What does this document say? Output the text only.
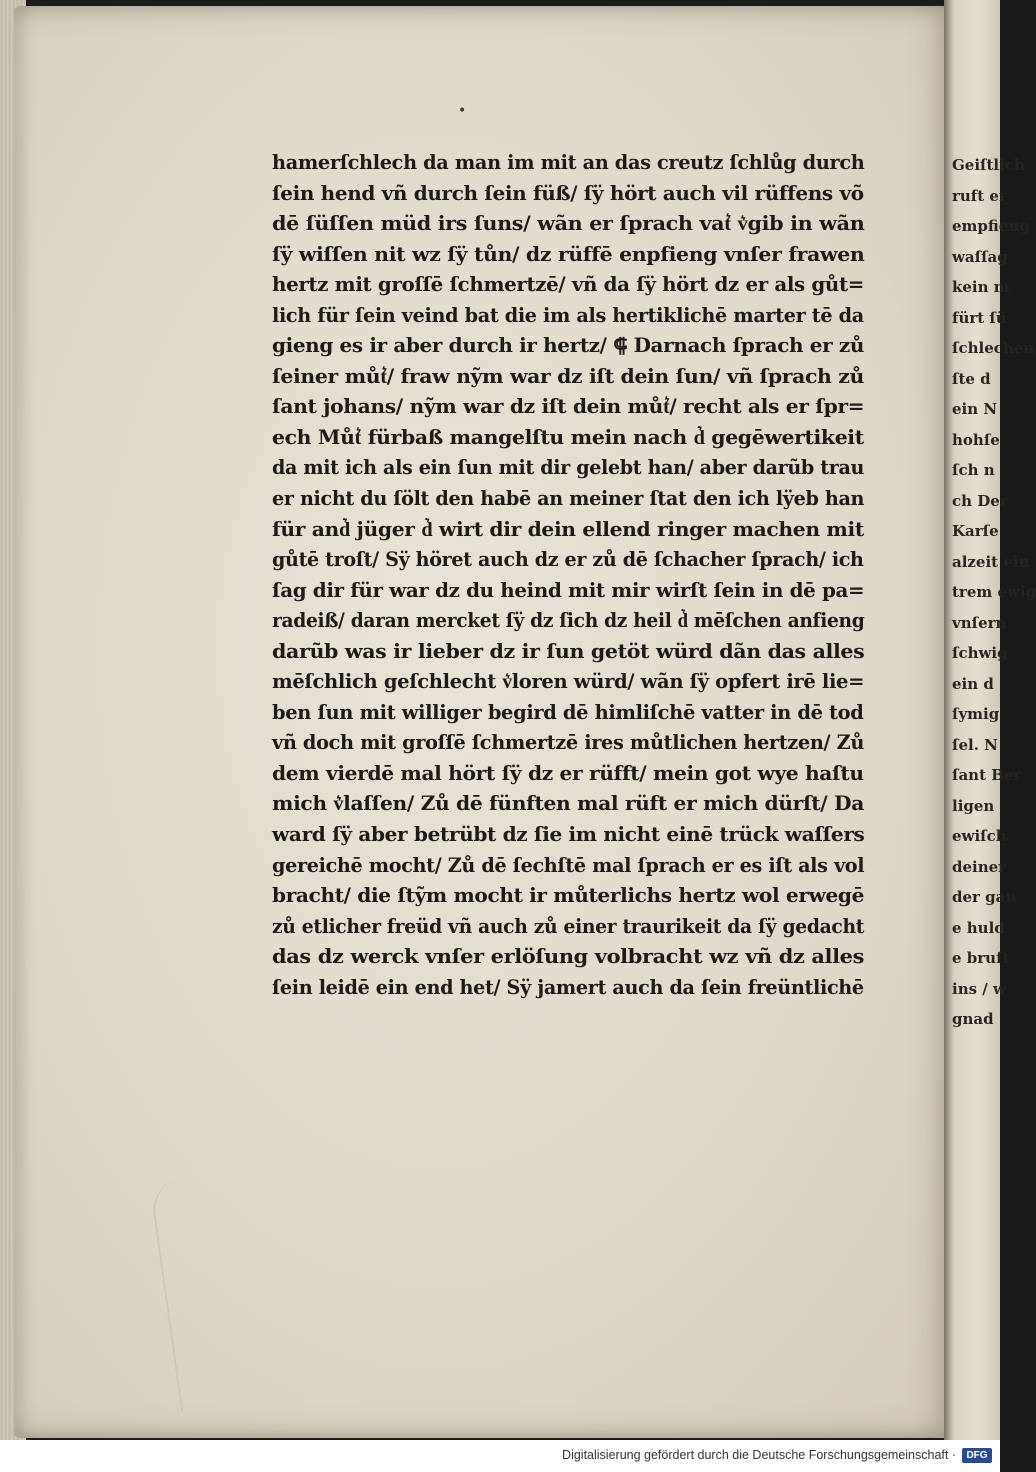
•
hamerſchlech da man im mit an das creutz ſchlůg durch
ſein hend vñ durch ſein füß/ ſÿ hört auch vil rüffens võ
dē ſüſſen müd irs ſuns/ wãn er ſprach vat͛ v͛gib in wãn
ſÿ wiſſen nit wz ſÿ tůn/ dz rüffē enpfieng vnſer frawen
hertz mit groſſē ſchmertzē/ vñ da ſÿ hört dz er als gůt=
lich für ſein veind bat die im als hertiklichē marter tē da
gieng es ir aber durch ir hertz/ ⸿ Darnach ſprach er zů
ſeiner můt͛/ fraw nỹm war dz iſt dein ſun/ vñ ſprach zů
ſant johans/ nỹm war dz iſt dein můt͛/ recht als er ſpr=
ech Můt͛ fürbaß mangelſtu mein nach d͛ gegēwertikeit
da mit ich als ein ſun mit dir gelebt han/ aber darũb trau
er nicht du ſölt den habē an meiner ſtat den ich lÿeb han
für and͛ jüger d͛ wirt dir dein ellend ringer machen mit
gůtē troſt/ Sÿ höret auch dz er zů dē ſchacher ſprach/ ich
ſag dir für war dz du heind mit mir wirſt ſein in dē pa=
radeiß/ daran mercket ſÿ dz ſich dz heil d͛ mēſchen anfieng
darũb was ir lieber dz ir ſun getöt würd dãn das alles
mēſchlich geſchlecht v͛loren würd/ wãn ſÿ opfert irē lie=
ben ſun mit williger begird dē himliſchē vatter in dē tod
vñ doch mit groſſē ſchmertzē ires můtlichen hertzen/ Zů
dem vierdē mal hört ſÿ dz er rüfft/ mein got wye haſtu
mich v͛laſſen/ Zů dē fünften mal rüft er mich dürſt/ Da
ward ſÿ aber betrübt dz ſie im nicht einē trück waſſers
gereichē mocht/ Zů dē ſechſtē mal ſprach er es iſt als vol
bracht/ die ſtỹm mocht ir můterlichs hertz wol erwegē
zů etlicher freüd vñ auch zů einer traurikeit da ſÿ gedacht
das dz werck vnſer erlöſung volbracht wz vñ dz alles
ſein leidē ein end het/ Sÿ jamert auch da ſein freüntlichē
Geiſtlich
ruft er
empfieng
waſſag
kein m
fürt ſü
ſchlechen
ſte d
ein N
hohſe
ſch n
ch Der
Karſe
alzeit ein
trem ewig
vnſern
ſchwig
ein d
ſymig
ſel. N
ſant Ber
ligen
ewiſch
deiner
der gan
e huld
e bruſt
ins / w
gnad
Digitalisierung gefördert durch die Deutsche Forschungsgemeinschaft ·	DFG
